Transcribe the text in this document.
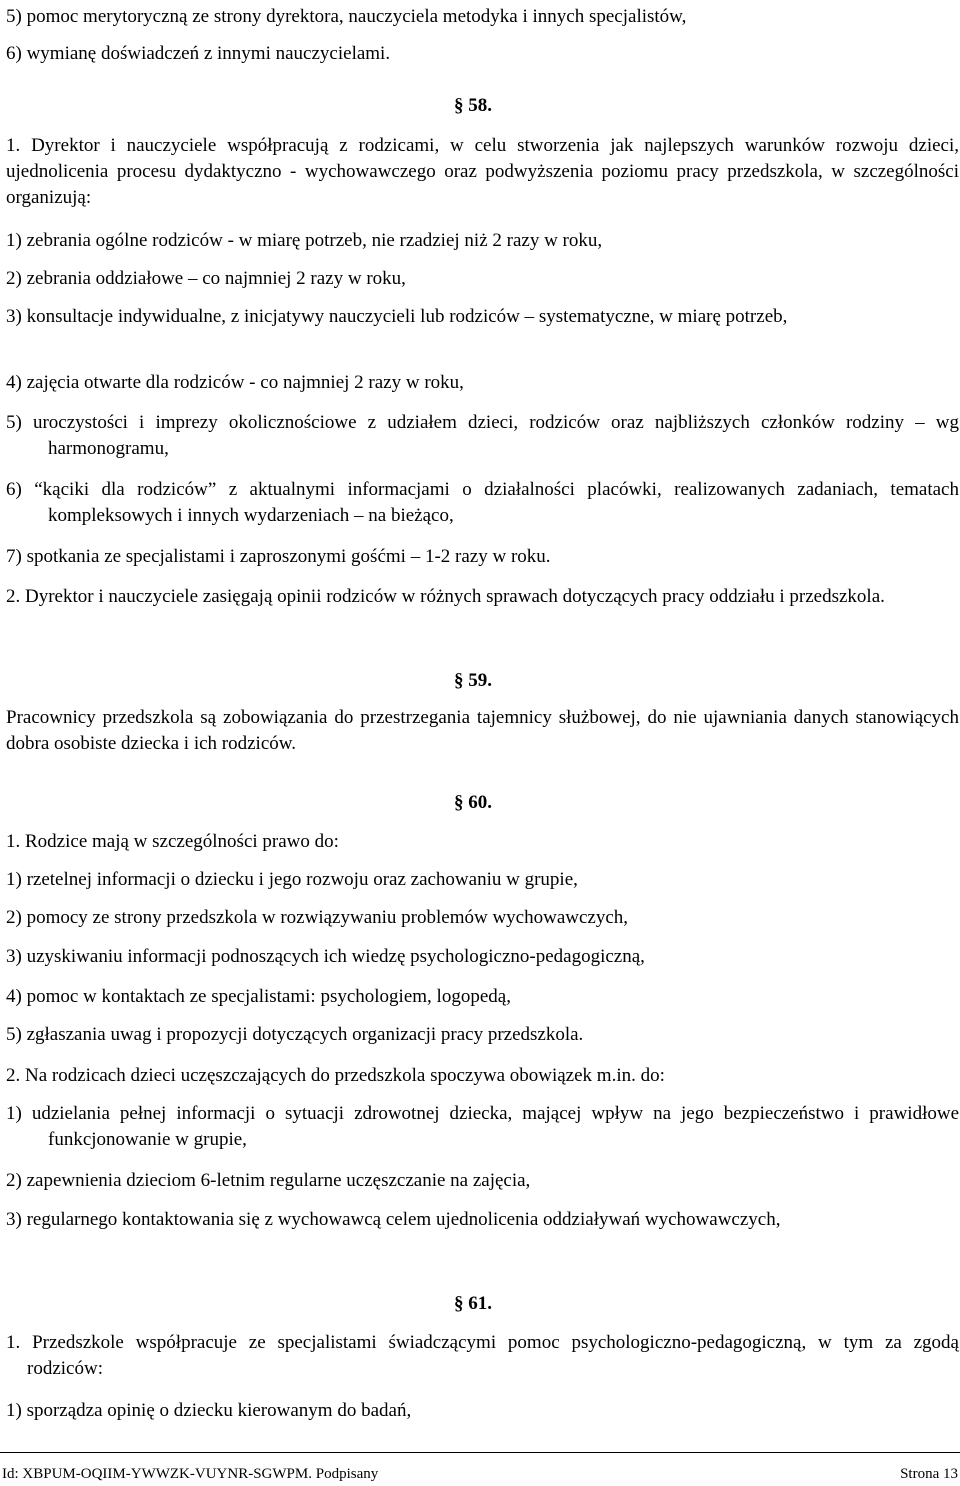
5) pomoc merytoryczną ze strony dyrektora, nauczyciela metodyka i innych specjalistów,
6) wymianę doświadczeń z innymi nauczycielami.
§ 58.
1. Dyrektor i nauczyciele współpracują z rodzicami, w celu stworzenia jak najlepszych warunków rozwoju dzieci, ujednolicenia procesu dydaktyczno - wychowawczego oraz podwyższenia poziomu pracy przedszkola, w szczególności organizują:
1) zebrania ogólne rodziców - w miarę potrzeb, nie rzadziej niż 2 razy w roku,
2) zebrania oddziałowe – co najmniej 2 razy w roku,
3) konsultacje indywidualne, z inicjatywy nauczycieli lub rodziców – systematyczne, w miarę potrzeb,
4) zajęcia otwarte dla rodziców - co najmniej 2 razy w roku,
5) uroczystości i imprezy okolicznościowe z udziałem dzieci, rodziców oraz najbliższych członków rodziny – wg harmonogramu,
6) “kąciki dla rodziców” z aktualnymi informacjami o działalności placówki, realizowanych zadaniach, tematach kompleksowych i innych wydarzeniach – na bieżąco,
7) spotkania ze specjalistami i zaproszonymi gośćmi – 1-2 razy w roku.
2. Dyrektor i nauczyciele zasięgają opinii rodziców w różnych sprawach dotyczących pracy oddziału i przedszkola.
§ 59.
Pracownicy przedszkola są zobowiązania do przestrzegania tajemnicy służbowej, do nie ujawniania danych stanowiących dobra osobiste dziecka i ich rodziców.
§ 60.
1. Rodzice mają w szczególności prawo do:
1) rzetelnej informacji o dziecku i jego rozwoju oraz zachowaniu w grupie,
2) pomocy ze strony przedszkola w rozwiązywaniu problemów wychowawczych,
3) uzyskiwaniu informacji podnoszących ich wiedzę psychologiczno-pedagogiczną,
4) pomoc w kontaktach ze specjalistami: psychologiem, logopedą,
5) zgłaszania uwag i propozycji dotyczących organizacji pracy przedszkola.
2. Na rodzicach dzieci uczęszczających do przedszkola spoczywa obowiązek m.in. do:
1) udzielania pełnej informacji o sytuacji zdrowotnej dziecka, mającej wpływ na jego bezpieczeństwo i prawidłowe funkcjonowanie w grupie,
2) zapewnienia dzieciom 6-letnim regularne uczęszczanie na zajęcia,
3) regularnego kontaktowania się z wychowawcą celem ujednolicenia oddziaływań wychowawczych,
§ 61.
1. Przedszkole współpracuje ze specjalistami świadczącymi pomoc psychologiczno-pedagogiczną, w tym za zgodą rodziców:
1) sporządza opinię o dziecku kierowanym do badań,
Id: XBPUM-OQIIM-YWWZK-VUYNR-SGWPM. Podpisany	Strona 13
